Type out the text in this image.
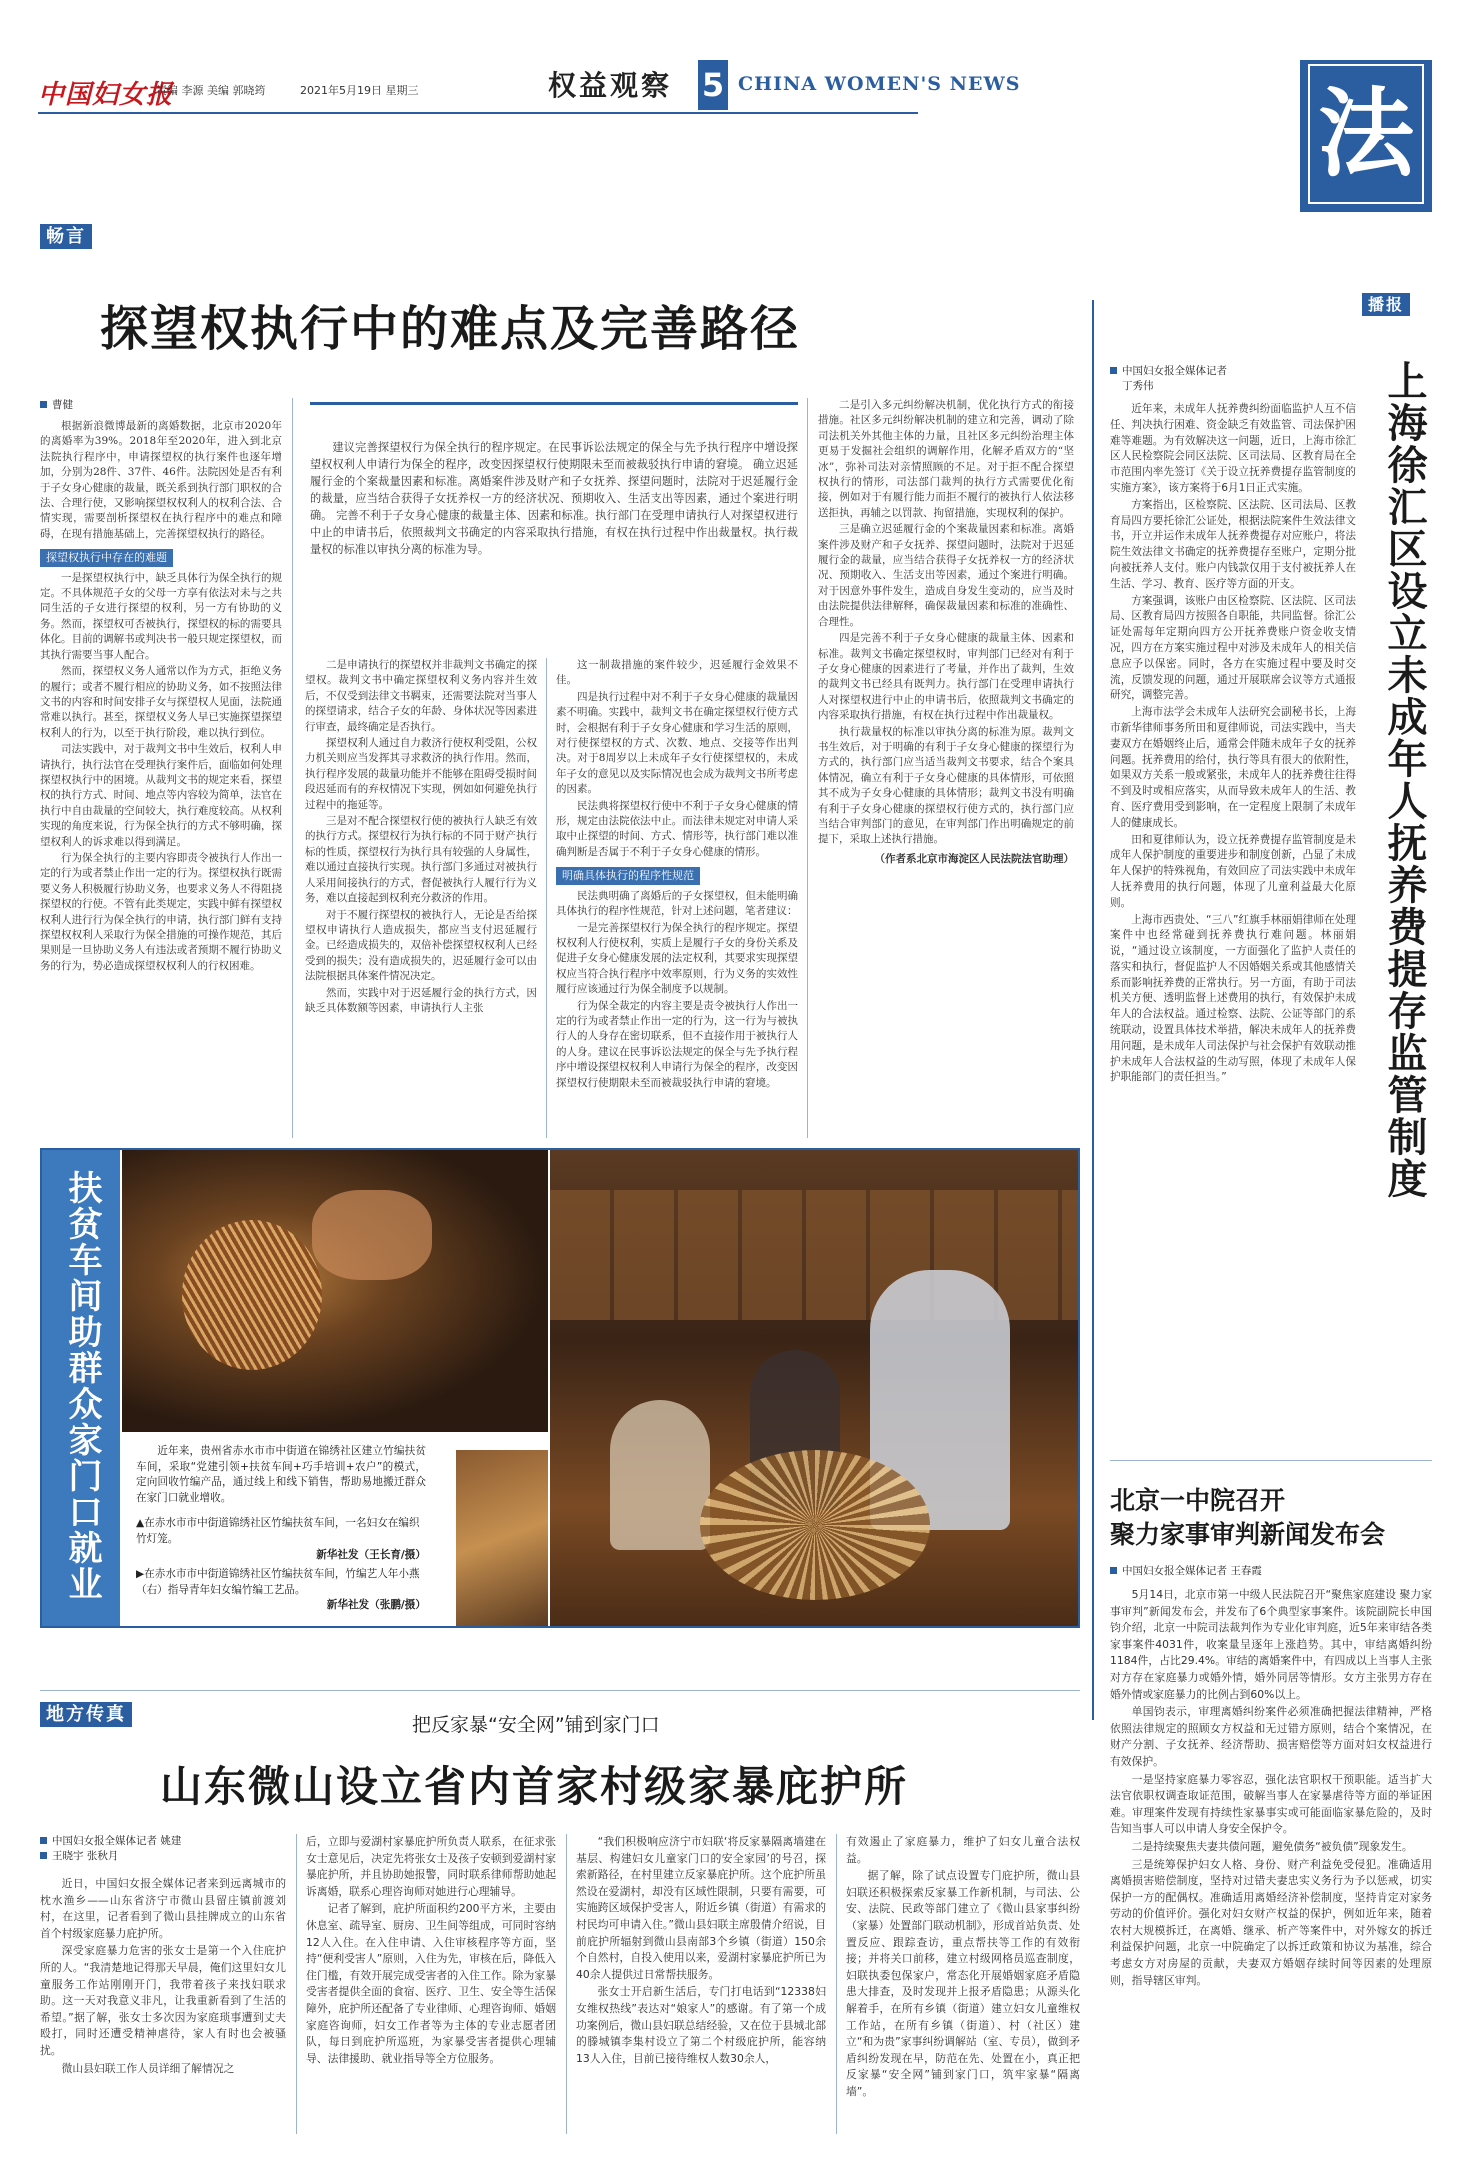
中国妇女报
责编 李源 美编 郭晓筠	2021年5月19日 星期三	权益观察 5 CHINA WOMEN'S NEWS	法
畅言
探望权执行中的难点及完善路径
曹健

根据新浪微博最新的离婚数据，北京市2020年的离婚率为39%。2018年至2020年，进入到北京法院执行程序中，申请探望权的执行案件也逐年增加，分别为28件、37件、46件。法院因处是否有利于子女身心健康的裁量，既关系到执行部门职权的合法、合理行使，又影响探望权权利人的权利合法、合情实现，需要剖析探望权在执行程序中的难点和障碍，在现有措施基础上，完善探望权执行的路径。

探望权执行中存在的难题

一是探望权执行中，缺乏具体行为保全执行的规定。不具体规范子女的父母一方享有依法对未与之共同生活的子女进行探望的权利，另一方有协助的义务。然而，探望权可否被执行，探望权的标的需要具体化。目前的调解书或判决书一般只规定探望权，而其执行需要当事人配合。

然而，探望权义务人通常以作为方式，拒绝义务的履行；或者不履行相应的协助义务，如不按照法律文书的内容和时间安排子女与探望权人见面，法院通常难以执行。甚至，探望权义务人早已实施探望探望权利人的行为，以至于执行阶段，难以执行到位。

司法实践中，对于裁判文书中生效后，权利人申请执行，执行法官在受理执行案件后，面临如何处理探望权执行中的困境。从裁判文书的规定来看，探望权的执行方式、时间、地点等内容较为简单，法官在执行中自由裁量的空间较大，执行难度较高。从权利实现的角度来说，行为保全执行的方式不够明确，探望权利人的诉求难以得到满足。

行为保全执行的主要内容即责令被执行人作出一定的行为或者禁止作出一定的行为。探望权执行既需要义务人积极履行协助义务，也要求义务人不得阻挠探望权的行使。不管有此类规定，实践中鲜有探望权权利人进行行为保全执行的申请，执行部门鲜有支持探望权权利人采取行为保全措施的可操作规范，其后果则是一旦协助义务人有违法或者预期不履行协助义务的行为，势必造成探望权权利人的行权困难。

建议完善探望权行为保全执行的程序规定。在民事诉讼法规定的保全与先予执行程序中增设探望权权利人申请行为保全的程序，改变因探望权行使期限未至而被裁驳执行申请的窘境。 确立迟延履行金的个案裁量因素和标准。离婚案件涉及财产和子女抚养、探望问题时，法院对于迟延履行金的裁量，应当结合获得子女抚养权一方的经济状况、预期收入、生活支出等因素，通过个案进行明确。 完善不利于子女身心健康的裁量主体、因素和标准。执行部门在受理申请执行人对探望权进行中止的申请书后，依照裁判文书确定的内容采取执行措施，有权在执行过程中作出裁量权。执行裁量权的标准以审执分离的标准为导。

二是申请执行的探望权并非裁判文书确定的探望权。裁判文书中确定探望权利义务内容并生效后，不仅受到法律文书羁束，还需要法院对当事人的探望请求，结合子女的年龄、身体状况等因素进行审查，最终确定是否执行。

探望权利人通过自力救济行使权利受阻，公权力机关则应当发挥其寻求救济的执行作用。然而，执行程序发展的裁量功能并不能够在阻碍受损时间段迟延而有的弃权情况下实现，例如如何避免执行过程中的拖延等。

三是对不配合探望权行使的被执行人缺乏有效的执行方式。探望权行为执行标的不同于财产执行标的性质，探望权行为执行具有较强的人身属性，难以通过直接执行实现。执行部门多通过对被执行人采用间接执行的方式，督促被执行人履行行为义务，难以直接起到权利充分救济的作用。

对于不履行探望权的被执行人，无论是否给探望权申请执行人造成损失，都应当支付迟延履行金。已经造成损失的，双倍补偿探望权权利人已经受到的损失；没有造成损失的，迟延履行金可以由法院根据具体案件情况决定。

然而，实践中对于迟延履行金的执行方式，因缺乏具体数额等因素，申请执行人主张

这一制裁措施的案件较少，迟延履行金效果不佳。

四是执行过程中对不利于子女身心健康的裁量因素不明确。实践中，裁判文书在确定探望权行使方式时，会根据有利于子女身心健康和学习生活的原则，对行使探望权的方式、次数、地点、交接等作出判决。对于8周岁以上未成年子女行使探望权的，未成年子女的意见以及实际情况也会成为裁判文书所考虑的因素。

民法典将探望权行使中不利于子女身心健康的情形，规定由法院依法中止。而法律未规定对申请人采取中止探望的时间、方式、情形等，执行部门难以准确判断是否属于不利于子女身心健康的情形。

明确具体执行的程序性规范

民法典明确了离婚后的子女探望权，但未能明确具体执行的程序性规范，针对上述问题，笔者建议：

一是完善探望权行为保全执行的程序规定。探望权权利人行使权利，实质上是履行子女的身份关系及促进子女身心健康发展的法定权利，其要求实现探望权应当符合执行程序中效率原则，行为义务的实效性履行应该通过行为保全制度予以规制。

行为保全裁定的内容主要是责令被执行人作出一定的行为或者禁止作出一定的行为，这一行为与被执行人的人身存在密切联系，但不直接作用于被执行人的人身。建议在民事诉讼法规定的保全与先予执行程序中增设探望权权利人申请行为保全的程序，改变因探望权行使期限未至而被裁驳执行申请的窘境。

二是引入多元纠纷解决机制，优化执行方式的衔接措施。社区多元纠纷解决机制的建立和完善，调动了除司法机关外其他主体的力量，且社区多元纠纷治理主体更易于发掘社会组织的调解作用，化解矛盾双方的“坚冰”，弥补司法对亲情照顾的不足。对于拒不配合探望权执行的情形，司法部门裁判的执行方式需要优化衔接，例如对于有履行能力而拒不履行的被执行人依法移送拒执，再辅之以罚款、拘留措施，实现权利的保护。

三是确立迟延履行金的个案裁量因素和标准。离婚案件涉及财产和子女抚养、探望问题时，法院对于迟延履行金的裁量，应当结合获得子女抚养权一方的经济状况、预期收入、生活支出等因素，通过个案进行明确。对于因意外事件发生，造成自身发生变动的，应当及时由法院提供法律解释，确保裁量因素和标准的准确性、合理性。

四是完善不利于子女身心健康的裁量主体、因素和标准。裁判文书确定探望权时，审判部门已经对有利于子女身心健康的因素进行了考量，并作出了裁判，生效的裁判文书已经具有既判力。执行部门在受理申请执行人对探望权进行中止的申请书后，依照裁判文书确定的内容采取执行措施，有权在执行过程中作出裁量权。

执行裁量权的标准以审执分离的标准为原。裁判文书生效后，对于明确的有利于子女身心健康的探望行为方式的，执行部门应当适当裁判文书要求，结合个案具体情况，确立有利于子女身心健康的具体情形，可依照其不成为子女身心健康的具体情形；裁判文书没有明确有利于子女身心健康的探望权行使方式的，执行部门应当结合审判部门的意见，在审判部门作出明确规定的前提下，采取上述执行措施。

（作者系北京市海淀区人民法院法官助理）
播报
上海徐汇区设立未成年人抚养费提存监管制度
中国妇女报全媒体记者
丁秀伟

近年来，未成年人抚养费纠纷面临监护人互不信任、判决执行困难、资金缺乏有效监管、司法保护困难等难题。为有效解决这一问题，近日，上海市徐汇区人民检察院会同区法院、区司法局、区教育局在全市范围内率先签订《关于设立抚养费提存监管制度的实施方案》，该方案将于6月1日正式实施。

方案指出，区检察院、区法院、区司法局、区教育局四方要托徐汇公证处，根据法院案件生效法律文书，开立并运作未成年人抚养费提存对应账户，将法院生效法律文书确定的抚养费提存至账户，定期分批向被抚养人支付。账户内钱款仅用于支付被抚养人在生活、学习、教育、医疗等方面的开支。

方案强调，该账户由区检察院、区法院、区司法局、区教育局四方按照各自职能，共同监督。徐汇公证处需每年定期向四方公开抚养费账户资金收支情况，四方在方案实施过程中对涉及未成年人的相关信息应予以保密。同时，各方在实施过程中要及时交流，反馈发现的问题，通过开展联席会议等方式通报研究，调整完善。

上海市法学会未成年人法研究会副秘书长，上海市新华律师事务所田和夏律师说，司法实践中，当夫妻双方在婚姻终止后，通常会伴随未成年子女的抚养问题。抚养费用的给付，执行等具有很大的依附性，如果双方关系一般或紧张，未成年人的抚养费往往得不到及时或相应落实，从而导致未成年人的生活、教育、医疗费用受到影响，在一定程度上限制了未成年人的健康成长。

田和夏律师认为，设立抚养费提存监管制度是未成年人保护制度的重要进步和制度创新，凸显了未成年人保护的特殊视角，有效回应了司法实践中未成年人抚养费用的执行问题，体现了儿童利益最大化原则。

上海市西贵处、“三八”红旗手林丽娟律师在处理案件中也经常碰到抚养费执行难问题。林丽娟说，“通过设立该制度，一方面强化了监护人责任的落实和执行，督促监护人不因婚姻关系或其他感情关系而影响抚养费的正常执行。另一方面，有助于司法机关方便、透明监督上述费用的执行，有效保护未成年人的合法权益。通过检察、法院、公证等部门的系统联动，设置具体技术举措，解决未成年人的抚养费用问题，是未成年人司法保护与社会保护有效联动推护未成年人合法权益的生动写照，体现了未成年人保护职能部门的责任担当。”

北京一中院召开
聚力家事审判新闻发布会
中国妇女报全媒体记者 王春霞

5月14日，北京市第一中级人民法院召开“聚焦家庭建设 聚力家事审判”新闻发布会，并发布了6个典型家事案件。该院副院长申国钧介绍，北京一中院司法裁判作为专业化审判庭，近5年来审结各类家事案件4031件，收案量呈逐年上涨趋势。其中，审结离婚纠纷1184件，占比29.4%。审结的离婚案件中，有四成以上当事人主张对方存在家庭暴力或婚外情，婚外同居等情形。女方主张男方存在婚外情或家庭暴力的比例占到60%以上。

单国钧表示，审理离婚纠纷案件必须准确把握法律精神，严格依照法律规定的照顾女方权益和无过错方原则，结合个案情况，在财产分割、子女抚养、经济帮助、损害赔偿等方面对妇女权益进行有效保护。

一是坚持家庭暴力零容忍，强化法官职权干预职能。适当扩大法官依职权调查取证范围，破解当事人在家暴虐待等方面的举证困难。审理案件发现有持续性家暴事实或可能面临家暴危险的，及时告知当事人可以申请人身安全保护令。

二是持续聚焦夫妻共债问题，避免债务“被负债”现象发生。

三是统筹保护妇女人格、身份、财产利益免受侵犯。准确适用离婚损害赔偿制度，坚持对过错夫妻忠实义务行为予以惩戒，切实保护一方的配偶权。准确适用离婚经济补偿制度，坚持肯定对家务劳动的价值评价。强化对妇女财产权益的保护，例如近年来，随着农村大规模拆迁，在离婚、继承、析产等案件中，对外嫁女的拆迁利益保护问题，北京一中院确定了以拆迁政策和协议为基准，综合考虑女方对房屋的贡献，夫妻双方婚姻存续时间等因素的处理原则，指导辖区审判。

扶贫车间助群众家门口就业	近年来，贵州省赤水市市中街道在锦绣社区建立竹编扶贫车间，采取“党建引领+扶贫车间+巧手培训+农户”的模式，定向回收竹编产品，通过线上和线下销售，帮助易地搬迁群众在家门口就业增收。

▲在赤水市市中街道锦绣社区竹编扶贫车间，一名妇女在编织竹灯笼。

新华社发（王长育/摄）

▶在赤水市市中街道锦绣社区竹编扶贫车间，竹编艺人年小燕（右）指导青年妇女编竹编工艺品。

新华社发（张鹏/摄）

地方传真	把反家暴“安全网”铺到家门口
山东微山设立省内首家村级家暴庇护所
中国妇女报全媒体记者 姚建
王晓宇 张秋月

近日，中国妇女报全媒体记者来到远离城市的枕水渔乡——山东省济宁市微山县留庄镇前渡刘村，在这里，记者看到了微山县挂牌成立的山东省首个村级家庭暴力庇护所。

深受家庭暴力危害的张女士是第一个入住庇护所的人。“我清楚地记得那天早晨，俺们这里妇女儿童服务工作站刚刚开门，我带着孩子来找妇联求助。这一天对我意义非凡，让我重新看到了生活的希望。”据了解，张女士多次因为家庭琐事遭到丈夫殴打，同时还遭受精神虐待，家人有时也会被骚扰。

微山县妇联工作人员详细了解情况之

后，立即与爱湖村家暴庇护所负责人联系，在征求张女士意见后，决定先将张女士及孩子安顿到爱湖村家暴庇护所，并且协助她报警，同时联系律师帮助她起诉离婚，联系心理咨询师对她进行心理辅导。

记者了解到，庇护所面积约200平方米，主要由休息室、疏导室、厨房、卫生间等组成，可同时容纳12人入住。在入住申请、入住审核程序等方面，坚持“便利受害人”原则，入住为先，审核在后，降低入住门槛，有效开展完成受害者的入住工作。除为家暴受害者提供全面的食宿、医疗、卫生、安全等生活保障外，庇护所还配备了专业律师、心理咨询师、婚姻家庭咨询师，妇女工作者等为主体的专业志愿者团队，每日到庇护所巡班，为家暴受害者提供心理辅导、法律援助、就业指导等全方位服务。

“我们积极响应济宁市妇联‘将反家暴隔离墙建在基层、构建妇女儿童家门口的安全家园’的号召，探索新路径，在村里建立反家暴庇护所。这个庇护所虽然设在爱湖村，却没有区域性限制，只要有需要，可实施跨区域保护受害人，附近乡镇（街道）有需求的村民均可申请入住。”微山县妇联主席殷倩介绍说，目前庇护所辐射到微山县南部3个乡镇（街道）150余个自然村，自投入使用以来，爱湖村家暴庇护所已为40余人提供过日常帮扶服务。

张女士开启新生活后，专门打电话到“12338妇女维权热线”表达对“娘家人”的感谢。有了第一个成功案例后，微山县妇联总结经验，又在位于县城北部的滕城镇李集村设立了第二个村级庇护所，能容纳13人入住，目前已接待维权人数30余人，

有效遏止了家庭暴力，维护了妇女儿童合法权益。

据了解，除了试点设置专门庇护所，微山县妇联还积极探索反家暴工作新机制，与司法、公安、法院、民政等部门建立了《微山县家事纠纷（家暴）处置部门联动机制》，形成首站负责、处置反应、跟踪查访，重点帮扶等工作的有效衔接；并将关口前移，建立村级网格员巡查制度，妇联执委包保家户，常态化开展婚姻家庭矛盾隐患大排查，及时发现并上报矛盾隐患；从源头化解着手，在所有乡镇（街道）建立妇女儿童维权工作站，在所有乡镇（街道）、村（社区）建立“和为贵”家事纠纷调解站（室、专员），做到矛盾纠纷发现在早，防范在先、处置在小，真正把反家暴“安全网”铺到家门口，筑牢家暴“隔离墙”。
